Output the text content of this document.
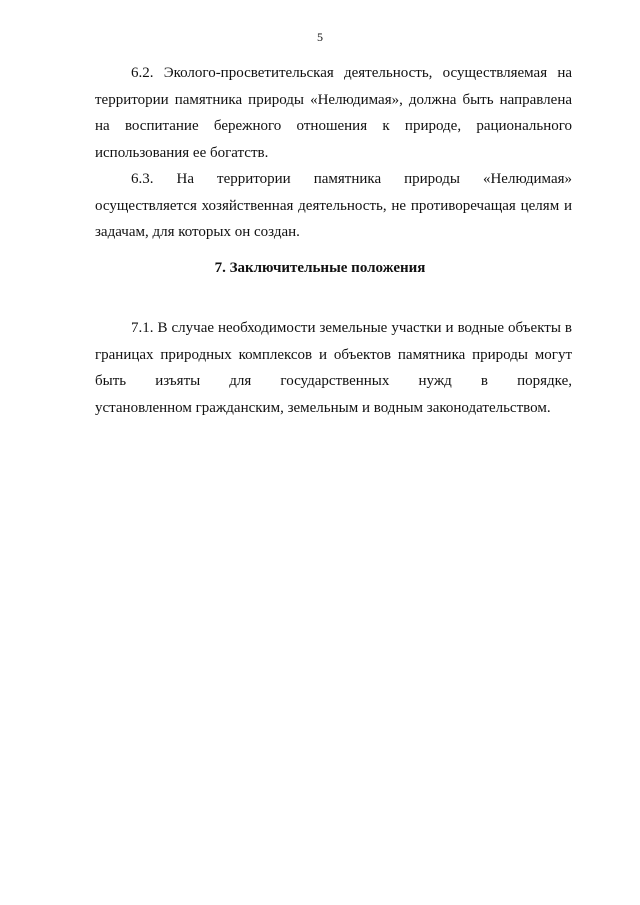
5

6.2. Эколого-просветительская деятельность, осуществляемая на
территории памятника природы «Нелюдимая», должна быть направлена
на воспитание бережного отношения к природе, рационального
использования ее богатств.

6.3. На территории памятника природы «Нелюдимая»
осуществляется хозяйственная деятельность, не противоречащая целям и
задачам, для которых он создан.

7. Заключительные положения

7.1. В случае необходимости земельные участки и водные объекты в
границах природных комплексов и объектов памятника природы могут
быть изъяты для государственных нужд в порядке,
установленном гражданским, земельным и водным законодательством.
